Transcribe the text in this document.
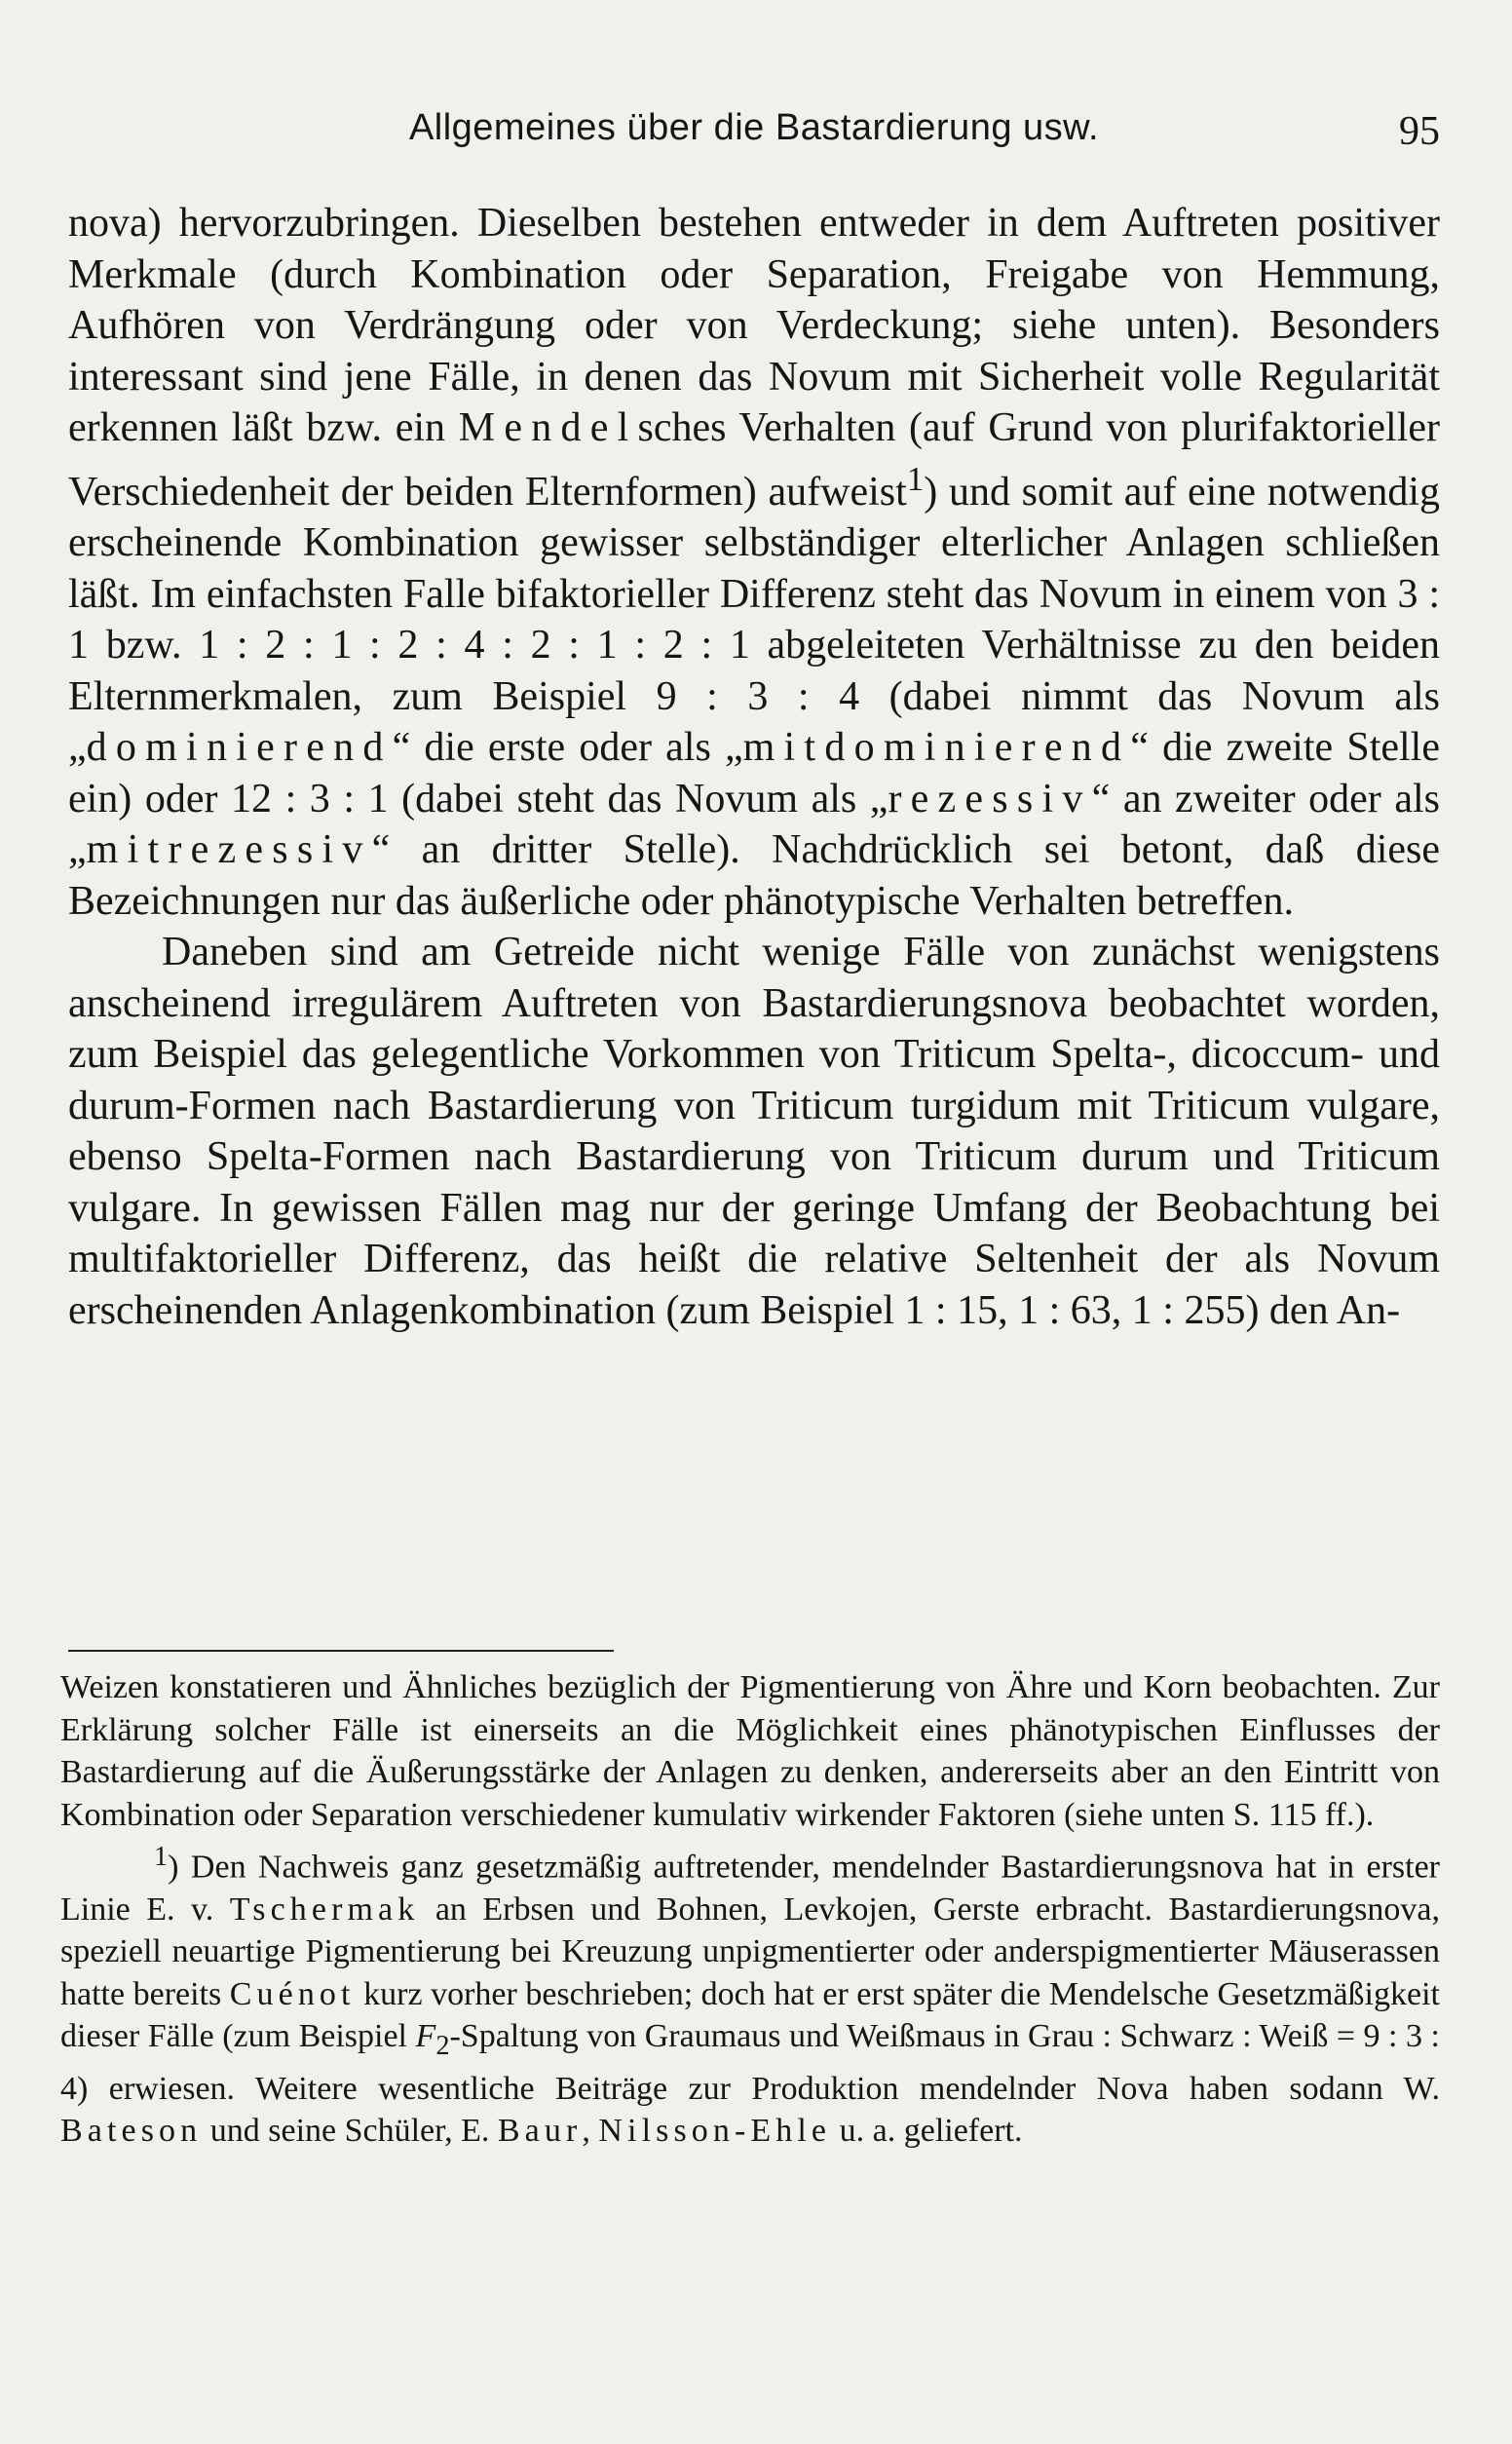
Allgemeines über die Bastardierung usw.	95

nova) hervorzubringen. Dieselben bestehen entweder in dem Auftreten positiver Merkmale (durch Kombination oder Separation, Freigabe von Hemmung, Aufhören von Verdrängung oder von Verdeckung; siehe unten). Besonders interessant sind jene Fälle, in denen das Novum mit Sicherheit volle Regularität erkennen läßt bzw. ein Mendelsches Verhalten (auf Grund von plurifaktorieller Verschiedenheit der beiden Elternformen) aufweist$^1$) und somit auf eine notwendig erscheinende Kombination gewisser selbständiger elterlicher Anlagen schließen läßt. Im einfachsten Falle bifaktorieller Differenz steht das Novum in einem von 3 : 1 bzw. 1 : 2 : 1 : 2 : 4 : 2 : 1 : 2 : 1 abgeleiteten Verhältnisse zu den beiden Elternmerkmalen, zum Beispiel 9 : 3 : 4 (dabei nimmt das Novum als „dominierend“ die erste oder als „mitdominierend“ die zweite Stelle ein) oder 12 : 3 : 1 (dabei steht das Novum als „rezessiv“ an zweiter oder als „mitrezessiv“ an dritter Stelle). Nachdrücklich sei betont, daß diese Bezeichnungen nur das äußerliche oder phänotypische Verhalten betreffen.

Daneben sind am Getreide nicht wenige Fälle von zunächst wenigstens anscheinend irregulärem Auftreten von Bastardierungsnova beobachtet worden, zum Beispiel das gelegentliche Vorkommen von Triticum Spelta-, dicoccum- und durum-Formen nach Bastardierung von Triticum turgidum mit Triticum vulgare, ebenso Spelta-Formen nach Bastardierung von Triticum durum und Triticum vulgare. In gewissen Fällen mag nur der geringe Umfang der Beobachtung bei multifaktorieller Differenz, das heißt die relative Seltenheit der als Novum erscheinenden Anlagenkombination (zum Beispiel 1 : 15, 1 : 63, 1 : 255) den An-

Weizen konstatieren und Ähnliches bezüglich der Pigmentierung von Ähre und Korn beobachten. Zur Erklärung solcher Fälle ist einerseits an die Möglichkeit eines phänotypischen Einflusses der Bastardierung auf die Äußerungsstärke der Anlagen zu denken, andererseits aber an den Eintritt von Kombination oder Separation verschiedener kumulativ wirkender Faktoren (siehe unten S. 115 ff.).

$^1$) Den Nachweis ganz gesetzmäßig auftretender, mendelnder Bastardierungsnova hat in erster Linie E. v. Tschermak an Erbsen und Bohnen, Levkojen, Gerste erbracht. Bastardierungsnova, speziell neuartige Pigmentierung bei Kreuzung unpigmentierter oder anderspigmentierter Mäuserassen hatte bereits Cuénot kurz vorher beschrieben; doch hat er erst später die Mendelsche Gesetzmäßigkeit dieser Fälle (zum Beispiel $F_2$-Spaltung von Graumaus und Weißmaus in Grau : Schwarz : Weiß = 9 : 3 : 4) erwiesen. Weitere wesentliche Beiträge zur Produktion mendelnder Nova haben sodann W. Bateson und seine Schüler, E. Baur, Nilsson-Ehle u. a. geliefert.
